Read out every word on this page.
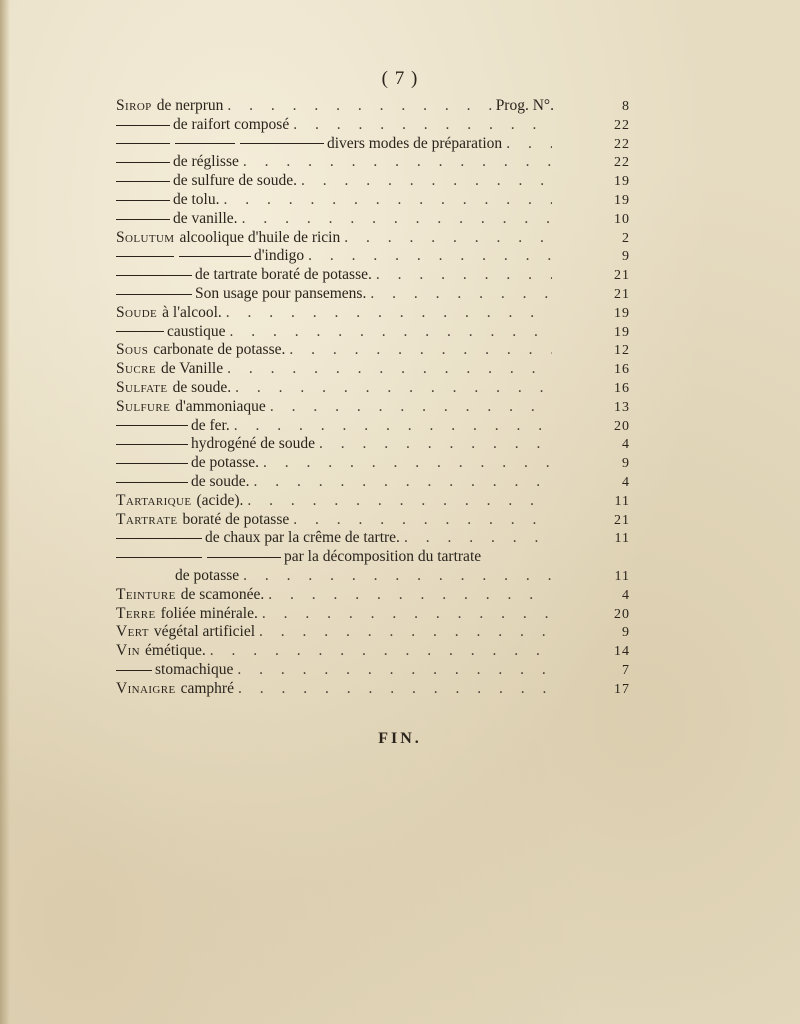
( 7 )
Sirop de nerprun . . .	Prog. N°.	8
de raifort composé . . .	22
divers modes de préparation . . .	22
de réglisse . . .	22
de sulfure de soude. . . .	19
de tolu. . . .	19
de vanille. . . .	10
Solutum alcoolique d'huile de ricin . . .	2
d'indigo . . .	9
de tartrate boraté de potasse. . . .	21
Son usage pour pansemens. . . .	21
Soude à l'alcool. . . .	19
caustique . . .	19
Sous carbonate de potasse. . . .	12
Sucre de Vanille . . .	16
Sulfate de soude. . . .	16
Sulfure d'ammoniaque . . .	13
de fer. . . .	20
hydrogéné de soude . . .	4
de potasse. . . .	9
de soude. . . .	4
Tartarique (acide). . . .	11
Tartrate boraté de potasse . . .	21
de chaux par la crême de tartre. . . .	11
par la décomposition du tartrate
de potasse . . .	11
Teinture de scamonée. . . .	4
Terre foliée minérale. . . .	20
Vert végétal artificiel . . .	9
Vin émétique. . . .	14
stomachique . . .	7
Vinaigre camphré . . .	17
FIN.
